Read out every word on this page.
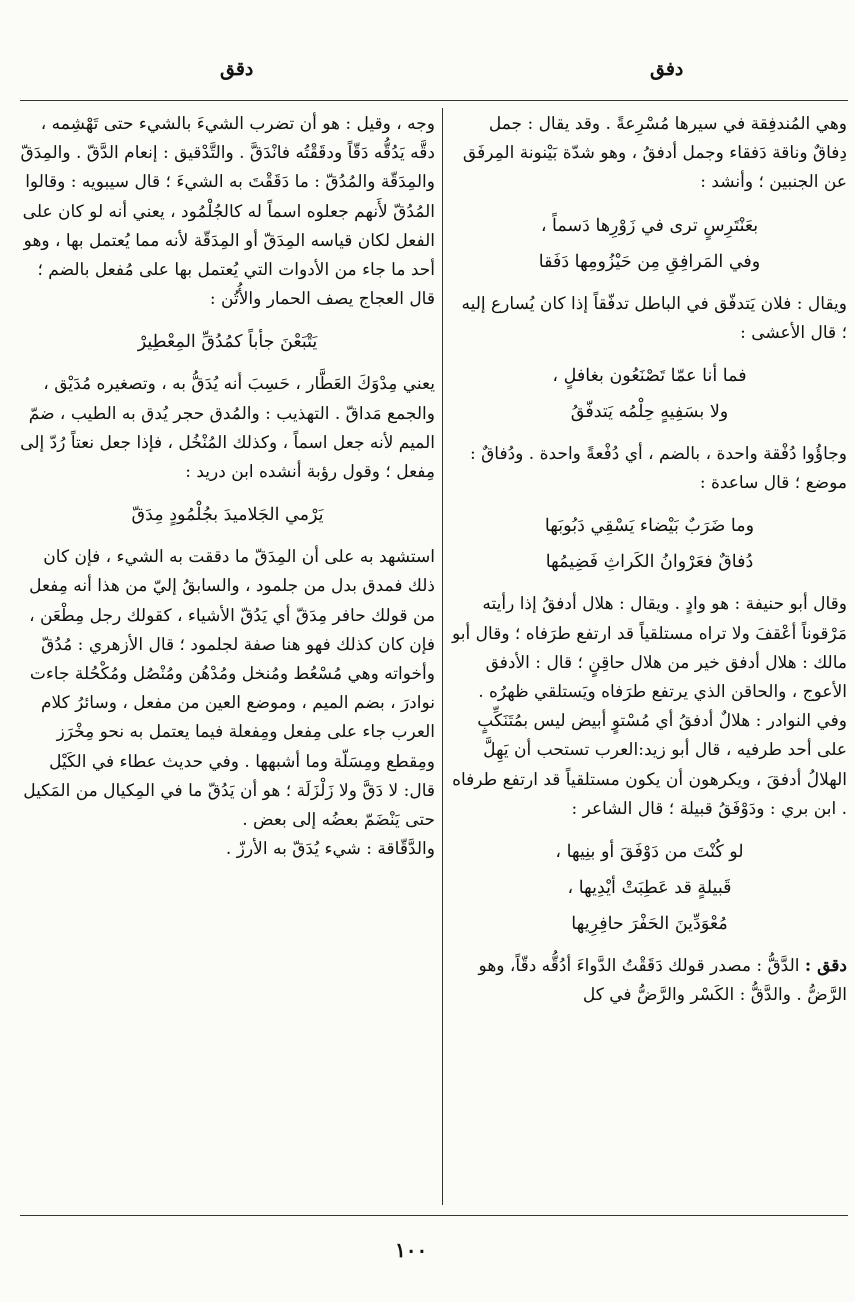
دفق
دقق

وهي المُندفِقة في سيرها مُسْرِعةً . وقد يقال : جمل دِفاقٌ وناقة دَفقاء وجمل أدفقُ ، وهو شدّة بَيْنونة المِرفَق عن الجنبين ؛ وأنشد :

بعَنْتَرِسٍ ترى في زَوْرِها دَسماً ،
وفي المَرافِقِ مِن حَيْزُومِها دَفَقا

ويقال : فلان يَتدفّق في الباطل تدفّقاً إذا كان يُسارع إليه ؛ قال الأعشى :

فما أنا عمّا تَصْنَعُون بغافلٍ ،
ولا بسَفِيهٍ حِلْمُه يَتدفّقُ

وجاؤُوا دُفْقة واحدة ، بالضم ، أي دُفْعةً واحدة . ودُفاقٌ : موضع ؛ قال ساعدة :

وما ضَرَبٌ بَيْضاء يَسْقِي دَبُوبَها
دُفاقٌ فعَرْوانُ الكَراثِ فَضِيمُها

وقال أبو حنيفة : هو وادٍ . ويقال : هلال أدفقُ إذا رأيته مَرْقوناً أعْقفَ ولا تراه مستلقياً قد ارتفع طرَفاه ؛ وقال أبو مالك : هلال أدفق خير من هلال حاقِنٍ ؛ قال : الأدفق الأعوج ، والحاقن الذي يرتفع طرَفاه ويَستلقي ظهرُه . وفي النوادر : هلالٌ أدفقُ أي مُسْتوٍ أبيض ليس بمُتَنَكِّبٍ على أحد طرفيه ، قال أبو زيد:العرب تستحب أن يَهِلَّ الهلالُ أدفقَ ، ويكرهون أن يكون مستلقياً قد ارتفع طرفاه . ابن بري : ودَوْفَقُ قبيلة ؛ قال الشاعر :

لو كُنْتَ من دَوْفَقَ أو بنِيها ،
قَبيلةٍ قد عَطِبَتْ أيْدِيها ،
مُعْوَدِّينَ الحَفْرَ حافِرِيها

دقق : الدَّقُّ : مصدر قولك دَقَقْتُ الدَّواءَ أدُقُّه دقّاً، وهو الرَّضُّ . والدَّقُّ : الكَسْر والرَّضُّ في كل

وجه ، وقيل : هو أن تضرب الشيءَ بالشيء حتى تَهْشِمه ، دقَّه يَدُقُّه دَقّاً ودقَقْتُه فانْدَقَّ . والتَّدْقيق : إنعام الدَّقّ . والمِدَقّ والمِدَقّة والمُدُقّ : ما دَقَقْتَ به الشيءَ ؛ قال سيبويه : وقالوا المُدُقّ لأَنهم جعلوه اسماً له كالجُلْمُود ، يعني أنه لو كان على الفعل لكان قياسه المِدَقّ أو المِدَقّة لأنه مما يُعتمل بها ، وهو أحد ما جاء من الأدوات التي يُعتمل بها على مُفعل بالضم ؛ قال العجاج يصف الحمار والأُتُن :

يَتْبَعْنَ جأباً كمُدُقِّ المِعْطِيرْ

يعني مِدْوَكَ العَطَّار ، حَسِبَ أنه يُدَقُّ به ، وتصغيره مُدَيْق ، والجمع مَداقّ . التهذيب : والمُدق حجر يُدق به الطيب ، ضمّ الميم لأنه جعل اسماً ، وكذلك المُنْخُل ، فإذا جعل نعتاً رُدّ إلى مِفعل ؛ وقول رؤبة أنشده ابن دريد :

يَرْمي الجَلاميدَ بجُلْمُودٍ مِدَقّ

استشهد به على أن المِدَقّ ما دققت به الشيء ، فإن كان ذلك فمدق بدل من جلمود ، والسابقُ إليّ من هذا أنه مِفعل من قولك حافر مِدَقّ أي يَدُقّ الأشياء ، كقولك رجل مِطْعَن ، فإن كان كذلك فهو هنا صفة لجلمود ؛ قال الأزهري : مُدُقّ وأخواته وهي مُسْعُط ومُنخل ومُدْهُن ومُنْصُل ومُكْحُلة جاءت نوادرَ ، بضم الميم ، وموضع العين من مفعل ، وسائرُ كلام العرب جاء على مِفعل ومِفعلة فيما يعتمل به نحو مِخْرَز ومِقطع ومِسَلّة وما أشبهها . وفي حديث عطاء في الكَيْل قال: لا دَقَّ ولا زَلْزَلَة ؛ هو أن يَدُقّ ما في المِكيال من المَكيل حتى يَنْضَمّ بعضُه إلى بعض .

والدَّقّاقة : شيء يُدَقّ به الأرزّ .

١٠٠
